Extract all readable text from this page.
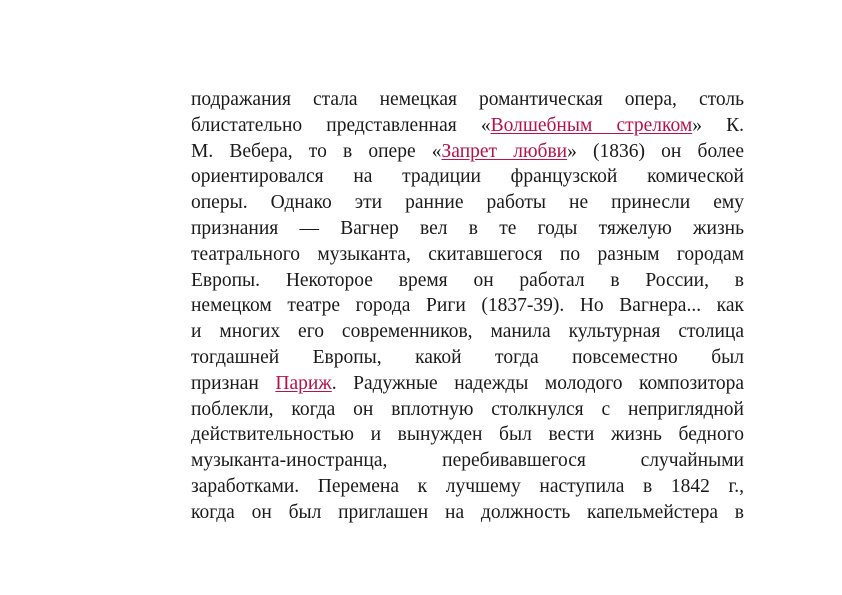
подражания стала немецкая романтическая опера, столь
блистательно представленная «Волшебным стрелком» К.
М. Вебера, то в опере «Запрет любви» (1836) он более
ориентировался на традиции французской комической
оперы. Однако эти ранние работы не принесли ему
признания — Вагнер вел в те годы тяжелую жизнь
театрального музыканта, скитавшегося по разным городам
Европы. Некоторое время он работал в России, в
немецком театре города Риги (1837-39). Но Вагнера... как
и многих его современников, манила культурная столица
тогдашней Европы, какой тогда повсеместно был
признан Париж. Радужные надежды молодого композитора
поблекли, когда он вплотную столкнулся с неприглядной
действительностью и вынужден был вести жизнь бедного
музыканта-иностранца, перебивавшегося случайными
заработками. Перемена к лучшему наступила в 1842 г.,
когда он был приглашен на должность капельмейстера в
